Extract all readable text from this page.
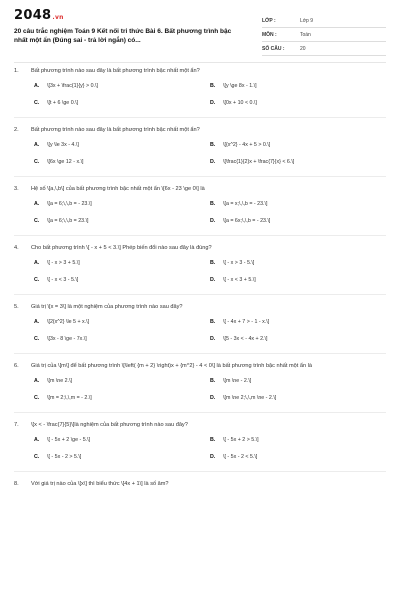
2048.vn
20 câu trắc nghiệm Toán 9 Kết nối tri thức Bài 6. Bất phương trình bậc nhất một ẩn (Đúng sai - trả lời ngắn) có...
LỚP :	Lớp 9
MÔN :	Toán
SỐ CÂU :	20
1.	Bất phương trình nào sau đây là bất phương trình bậc nhất một ẩn?
A.	\[3x + \frac{1}{y} > 0.\]	B.	\[y \ge 8x - 1.\]
C.	\[t + 6 \ge 0.\]	D.	\[0x + 10 < 0.\]
2.	Bất phương trình nào sau đây là bất phương trình bậc nhất một ẩn?
A.	\[y \le 3x - 4.\]	B.	\[{x^2} - 4x + 5 > 0.\]
C.	\[6x \ge 12 - x.\]	D.	\[\frac{1}{2}x + \frac{7}{x} < 6.\]
3.	Hệ số \[a,\,b\] của bất phương trình bậc nhất một ẩn \[6x - 23 \ge 0\] là
A.	\[a = 6;\,\,b = - 23.\]	B.	\[a = x;\,\,b = - 23.\]
C.	\[a = 6;\,\,b = 23.\]	D.	\[a = 6x;\,\,b = - 23.\]
4.	Cho bất phương trình \[ - x + 5 < 3.\] Phép biến đổi nào sau đây là đúng?
A.	\[ - x > 3 + 5.\]	B.	\[ - x > 3 - 5.\]
C.	\[ - x < 3 - 5.\]	D.	\[ - x < 3 + 5.\]
5.	Giá trị \[x = 3\] là một nghiệm của phương trình nào sau đây?
A.	\[2{x^2} \le 5 + x.\]	B.	\[ - 4x + 7 > - 1 - x.\]
C.	\[3x - 8 \ge - 7x.\]	D.	\[5 - 3x < - 4x + 2.\]
6.	Giá trị của \[m\] để bất phương trình \[\left( {m + 2} \right)x + {m^2} - 4 < 0\] là bất phương trình bậc nhất một ẩn là
A.	\[m \ne 2.\]	B.	\[m \ne - 2.\]
C.	\[m = 2;\,\,m = - 2.\]	D.	\[m \ne 2;\,\,m \ne - 2.\]
7.	\[x < - \frac{7}{5}\]là nghiệm của bất phương trình nào sau đây?
A.	\[ - 5x + 2 \ge - 5.\]	B.	\[ - 5x + 2 > 5.\]
C.	\[ - 5x - 2 > 5.\]	D.	\[ - 5x - 2 < 5.\]
8.	Với giá trị nào của \[x\] thì biểu thức \[4x + 1\] là số âm?
